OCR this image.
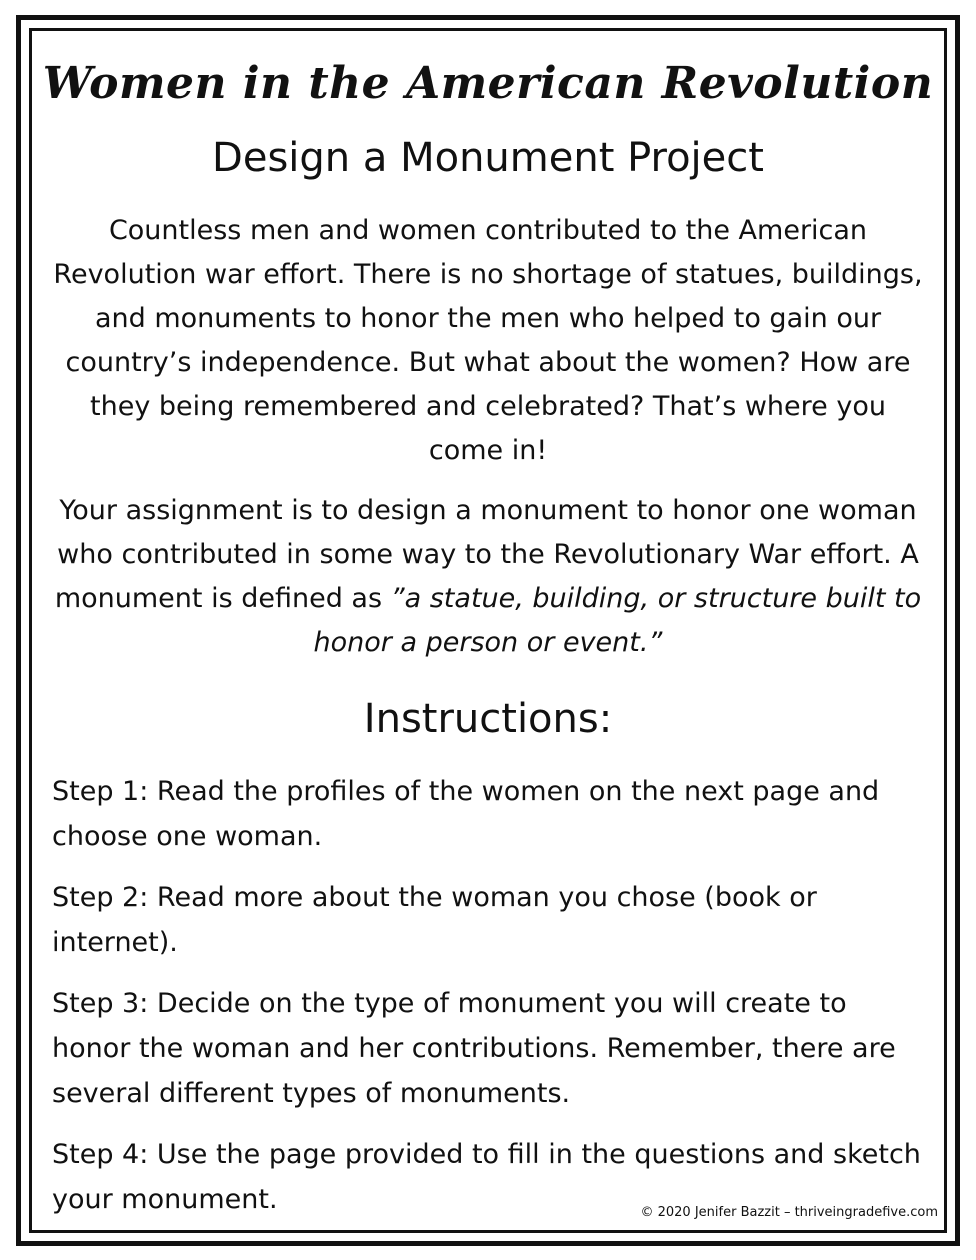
Women in the American Revolution
Design a Monument Project

Countless men and women contributed to the American Revolution war effort. There is no shortage of statues, buildings, and monuments to honor the men who helped to gain our country’s independence. But what about the women? How are they being remembered and celebrated? That’s where you come in!

Your assignment is to design a monument to honor one woman who contributed in some way to the Revolutionary War effort. A monument is defined as ”a statue, building, or structure built to honor a person or event.”

Instructions:
Step 1: Read the profiles of the women on the next page and choose one woman.
Step 2: Read more about the woman you chose (book or internet).
Step 3: Decide on the type of monument you will create to honor the woman and her contributions. Remember, there are several different types of monuments.
Step 4: Use the page provided to fill in the questions and sketch your monument.	© 2020 Jenifer Bazzit – thriveingradefive.com
